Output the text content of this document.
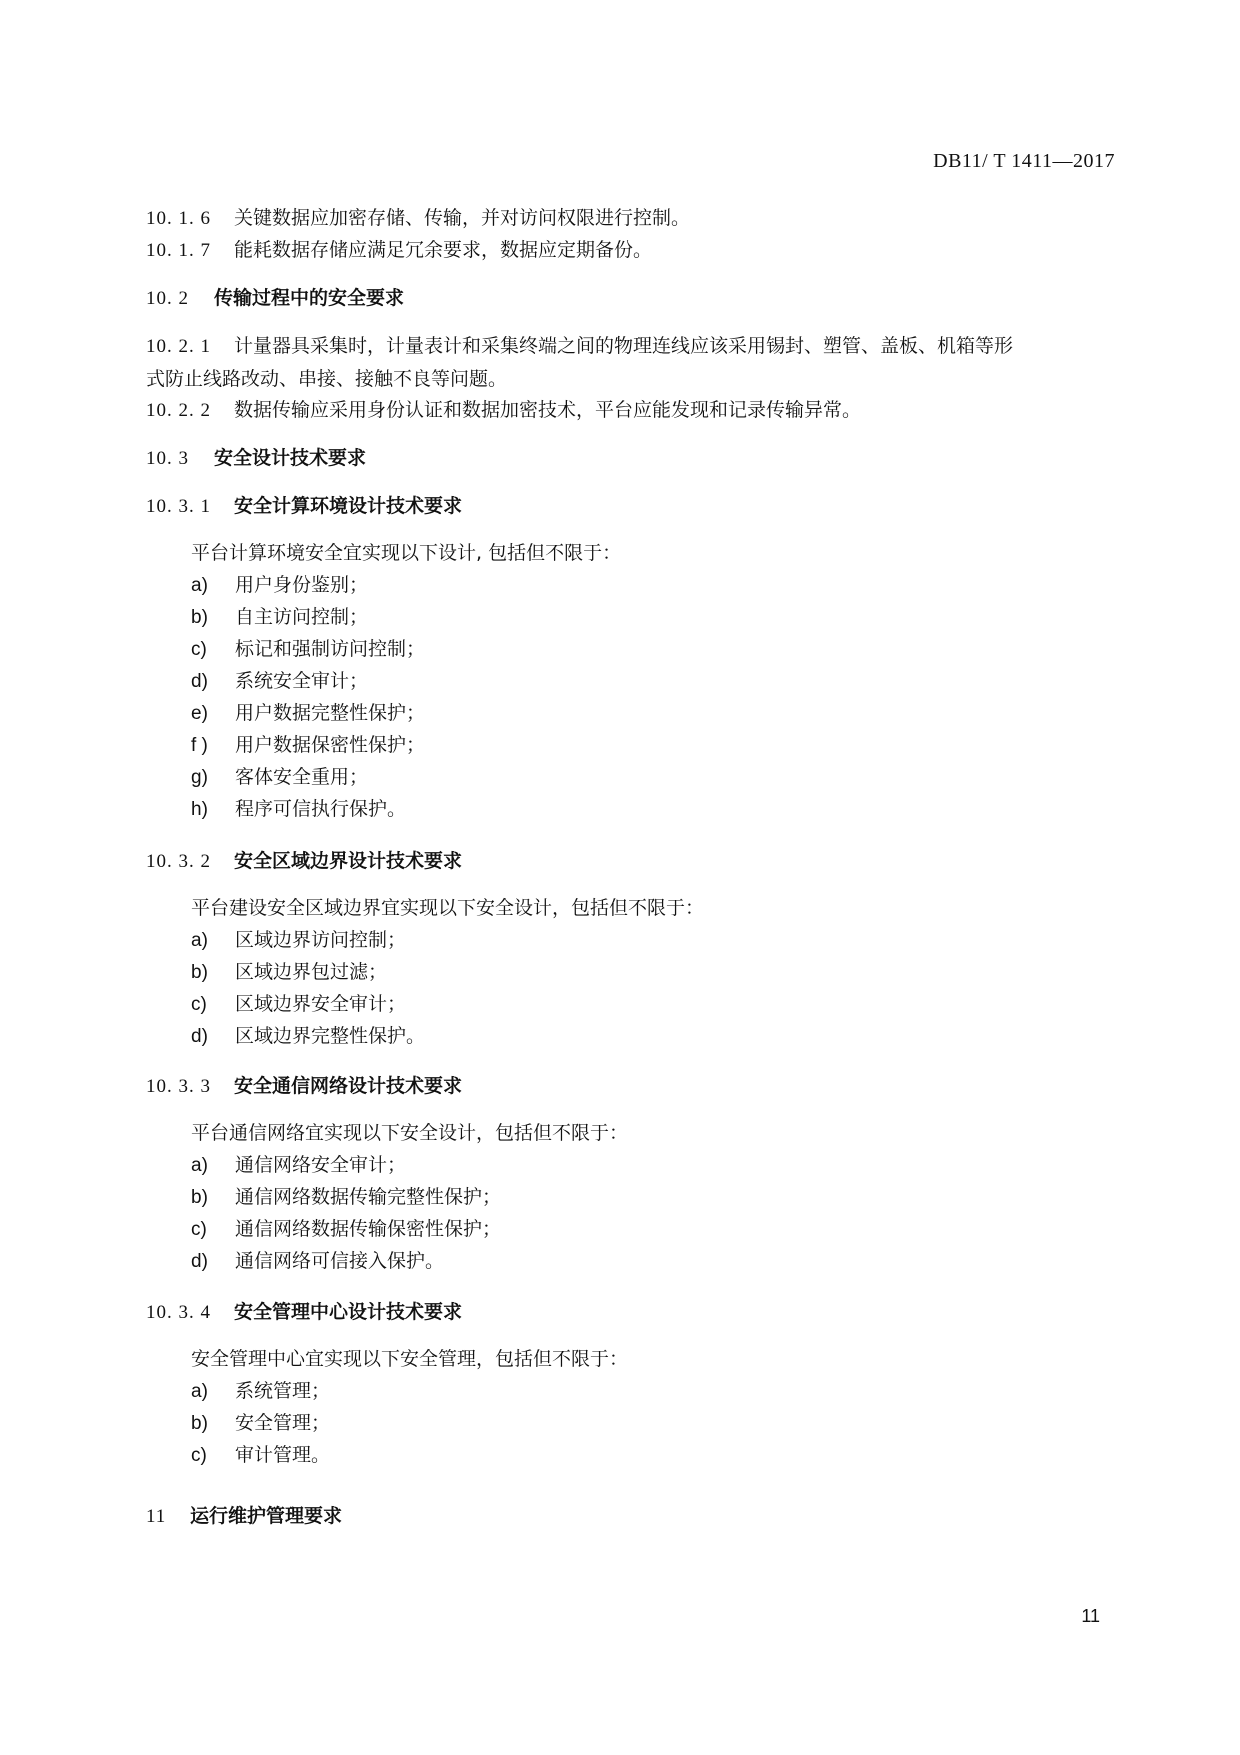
DB11/ T 1411—2017
10. 1. 6 关键数据应加密存储、传输，并对访问权限进行控制。
10. 1. 7 能耗数据存储应满足冗余要求，数据应定期备份。
10. 2 传输过程中的安全要求
10. 2. 1 计量器具采集时，计量表计和采集终端之间的物理连线应该采用锡封、塑管、盖板、机箱等形
式防止线路改动、串接、接触不良等问题。
10. 2. 2 数据传输应采用身份认证和数据加密技术，平台应能发现和记录传输异常。
10. 3 安全设计技术要求
10. 3. 1 安全计算环境设计技术要求
平台计算环境安全宜实现以下设计, 包括但不限于：
a) 用户身份鉴别；
b) 自主访问控制；
c) 标记和强制访问控制；
d) 系统安全审计；
e) 用户数据完整性保护；
f ) 用户数据保密性保护；
g) 客体安全重用；
h) 程序可信执行保护。
10. 3. 2 安全区域边界设计技术要求
平台建设安全区域边界宜实现以下安全设计，包括但不限于：
a) 区域边界访问控制；
b) 区域边界包过滤；
c) 区域边界安全审计；
d) 区域边界完整性保护。
10. 3. 3 安全通信网络设计技术要求
平台通信网络宜实现以下安全设计，包括但不限于：
a) 通信网络安全审计；
b) 通信网络数据传输完整性保护；
c) 通信网络数据传输保密性保护；
d) 通信网络可信接入保护。
10. 3. 4 安全管理中心设计技术要求
安全管理中心宜实现以下安全管理，包括但不限于：
a) 系统管理；
b) 安全管理；
c) 审计管理。
11 运行维护管理要求
11
